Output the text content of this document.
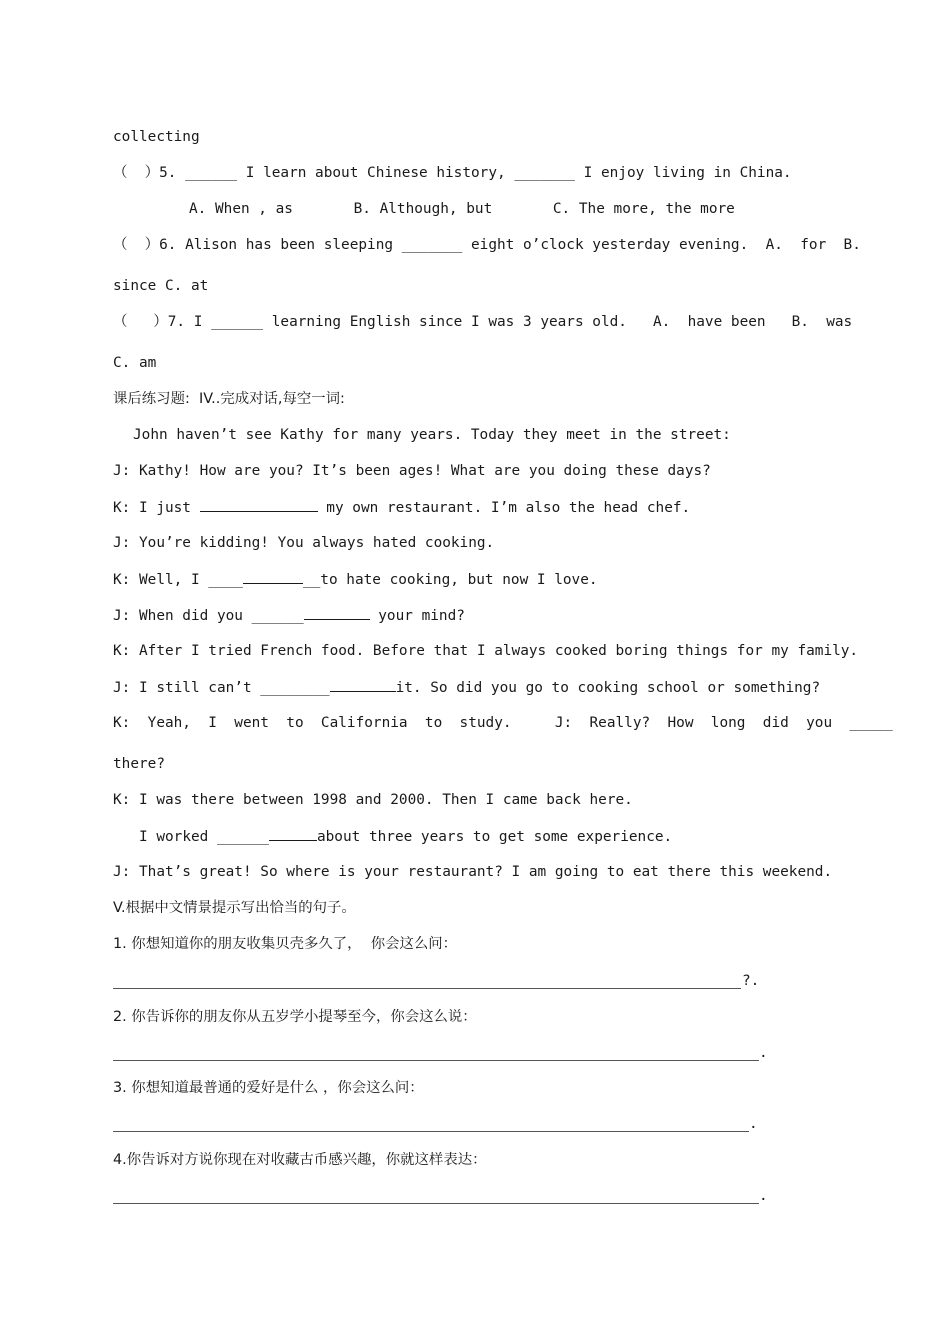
collecting
（  ）5. ______ I learn about Chinese history, _______ I enjoy living in China.
A. When , as       B. Although, but       C. The more, the more
（  ）6. Alison has been sleeping _______ eight o’clock yesterday evening.  A.  for  B.
since C. at
（   ）7. I ______ learning English since I was 3 years old.   A.  have been   B.  was
C. am
课后练习题:  IV..完成对话,每空一词:
John haven’t see Kathy for many years. Today they meet in the street:
J: Kathy! How are you? It’s been ages! What are you doing these days?
K: I just	my own restaurant. I’m also the head chef.
J: You’re kidding! You always hated cooking.
K: Well, I ____	__to hate cooking, but now I love.
J: When did you ______	your mind?
K: After I tried French food. Before that I always cooked boring things for my family.
J: I still can’t ________	it. So did you go to cooking school or something?
K:  Yeah,  I  went  to  California  to  study.     J:  Really?  How  long  did  you  _____
there?
K: I was there between 1998 and 2000. Then I came back here.
I worked ______	about three years to get some experience.
J: That’s great! So where is your restaurant? I am going to eat there this weekend.
V.根据中文情景提示写出恰当的句子。
1. 你想知道你的朋友收集贝壳多久了，  你会这么问：
?.
2. 你告诉你的朋友你从五岁学小提琴至今，你会这么说：
.
3. 你想知道最普通的爱好是什么 ，你会这么问：
.
4.你告诉对方说你现在对收藏古币感兴趣，你就这样表达：
.
